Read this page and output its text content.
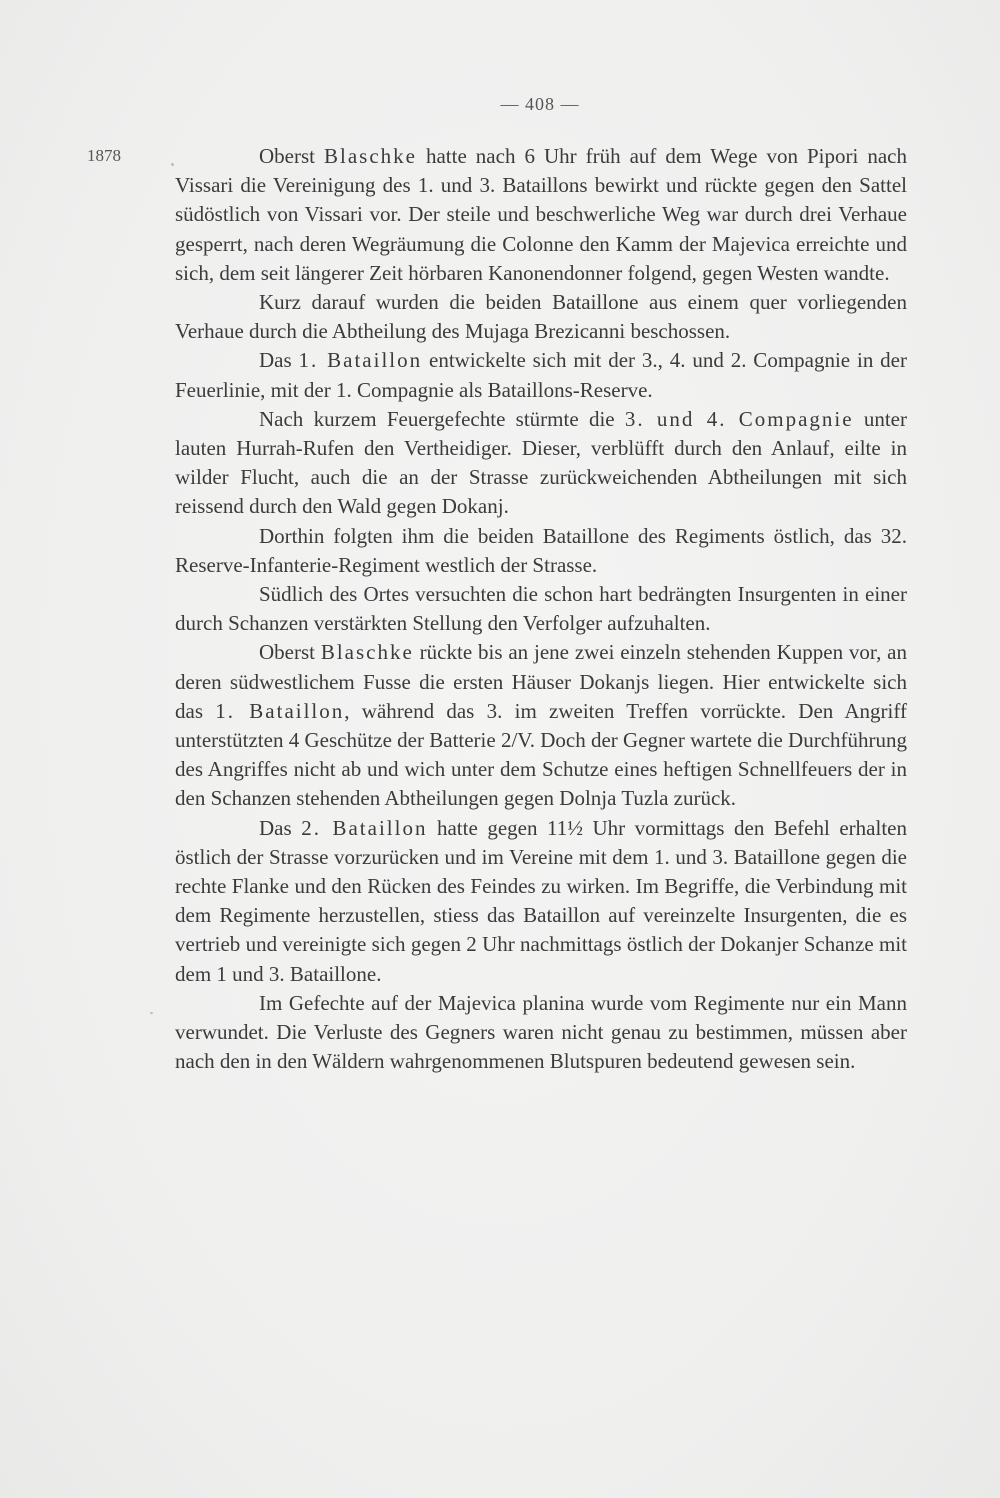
— 408 —
1878	Oberst Blaschke hatte nach 6 Uhr früh auf dem Wege von Pipori nach Vissari die Vereinigung des 1. und 3. Bataillons bewirkt und rückte gegen den Sattel südöstlich von Vissari vor. Der steile und beschwerliche Weg war durch drei Verhaue gesperrt, nach deren Wegräumung die Colonne den Kamm der Majevica erreichte und sich, dem seit längerer Zeit hörbaren Kanonendonner folgend, gegen Westen wandte.

Kurz darauf wurden die beiden Bataillone aus einem quer vorliegenden Verhaue durch die Abtheilung des Mujaga Brezicanni beschossen.

Das 1. Bataillon entwickelte sich mit der 3., 4. und 2. Compagnie in der Feuerlinie, mit der 1. Compagnie als Bataillons-Reserve.

Nach kurzem Feuergefechte stürmte die 3. und 4. Compagnie unter lauten Hurrah-Rufen den Vertheidiger. Dieser, verblüfft durch den Anlauf, eilte in wilder Flucht, auch die an der Strasse zurückweichenden Abtheilungen mit sich reissend durch den Wald gegen Dokanj.

Dorthin folgten ihm die beiden Bataillone des Regiments östlich, das 32. Reserve-Infanterie-Regiment westlich der Strasse.

Südlich des Ortes versuchten die schon hart bedrängten Insurgenten in einer durch Schanzen verstärkten Stellung den Verfolger aufzuhalten.

Oberst Blaschke rückte bis an jene zwei einzeln stehenden Kuppen vor, an deren südwestlichem Fusse die ersten Häuser Dokanjs liegen. Hier entwickelte sich das 1. Bataillon, während das 3. im zweiten Treffen vorrückte. Den Angriff unterstützten 4 Geschütze der Batterie 2/V. Doch der Gegner wartete die Durchführung des Angriffes nicht ab und wich unter dem Schutze eines heftigen Schnellfeuers der in den Schanzen stehenden Abtheilungen gegen Dolnja Tuzla zurück.

Das 2. Bataillon hatte gegen 11½ Uhr vormittags den Befehl erhalten östlich der Strasse vorzurücken und im Vereine mit dem 1. und 3. Bataillone gegen die rechte Flanke und den Rücken des Feindes zu wirken. Im Begriffe, die Verbindung mit dem Regimente herzustellen, stiess das Bataillon auf vereinzelte Insurgenten, die es vertrieb und vereinigte sich gegen 2 Uhr nachmittags östlich der Dokanjer Schanze mit dem 1 und 3. Bataillone.

Im Gefechte auf der Majevica planina wurde vom Regimente nur ein Mann verwundet. Die Verluste des Gegners waren nicht genau zu bestimmen, müssen aber nach den in den Wäldern wahrgenommenen Blutspuren bedeutend gewesen sein.
